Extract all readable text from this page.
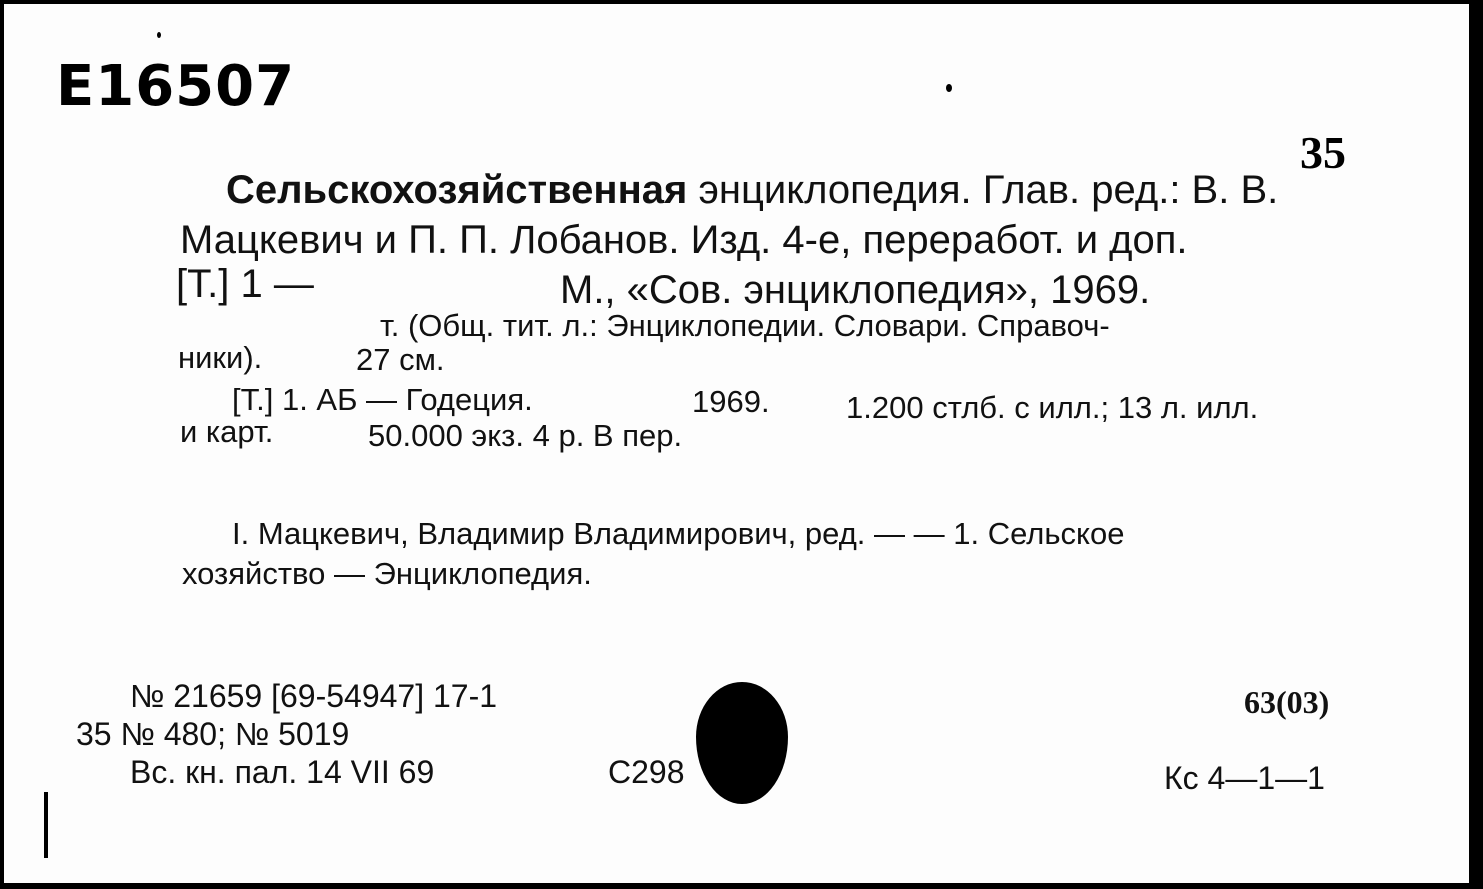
Е16507
35
Сельскохозяйственная энциклопедия. Глав. ред.: В. В.
Мацкевич и П. П. Лобанов. Изд. 4-е, переработ. и доп.
[Т.] 1 —	М., «Сов. энциклопедия», 1969.
т. (Общ. тит. л.: Энциклопедии. Словари. Справоч-
ники).	27 см.
[Т.] 1. АБ — Годеция.	1969. 1.200 стлб. с илл.; 13 л. илл.
и карт.	50.000 экз. 4 р. В пер.
I. Мацкевич, Владимир Владимирович, ред. — — 1. Сельское
хозяйство — Энциклопедия.
№ 21659 [69-54947] 17-1
35 № 480; № 5019
Вс. кн. пал. 14 VII 69	С298
63(03)
Кс 4—1—1
